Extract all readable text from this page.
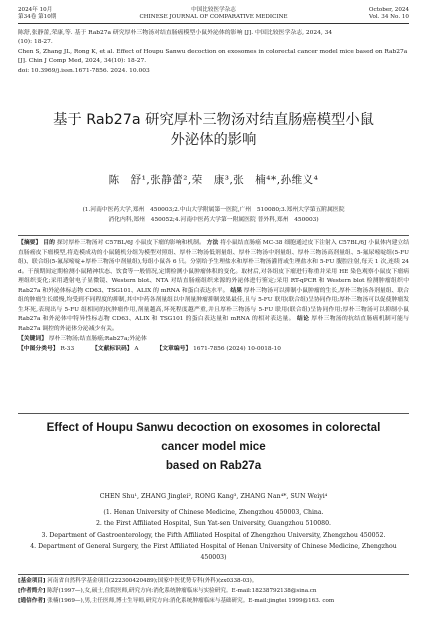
2024年 10月
第34卷 第10期
中国比较医学杂志
CHINESE JOURNAL OF COMPARATIVE MEDICINE
October, 2024
Vol. 34 No. 10
陈舒,张静蕾,荣康,等. 基于 Rab27a 研究厚朴三物汤对结直肠癌模型小鼠外泌体的影响 [J]. 中国比较医学杂志, 2024, 34
(10): 18-27.
Chen S, Zhang JL, Rong K, et al. Effect of Houpu Sanwu decoction on exosomes in colorectal cancer model mice based on Rab27a
[J]. Chin J Comp Med, 2024, 34(10): 18-27.
doi: 10.3969/j.issn.1671-7856. 2024. 10.003
基于 Rab27a 研究厚朴三物汤对结直肠癌模型小鼠
外泌体的影响
陈　舒¹,张静蕾²,荣　康³,张　楠⁴*,孙维义⁴
(1.河南中医药大学,郑州　450003;2.中山大学附属第一医院,广州　510080;3.郑州大学第五附属医院
消化内科,郑州　450052;4.河南中医药大学第一附属医院 普外科,郑州　450003)

【摘要】 目的 探讨厚朴三物汤对 C57BL/6J 小鼠皮下瘤的影响和机制。 方法 将小鼠结直肠癌 MC-38 细胞通过皮下注射入 C57BL/6J 小鼠体内建立结直肠癌皮下瘤模型,将造模成功的小鼠随机分组为模型对照组、厚朴三物汤低剂量组、厚朴三物汤中剂量组、厚朴三物汤高剂量组、5-氟尿嘧啶组(5-FU 组)、联合组(5-氟尿嘧啶+厚朴三物汤中剂量组),每组小鼠各 6 只。分别给予生理盐水和厚朴三物汤灌胃或生理盐水和 5-FU 腹腔注射,每天 1 次,连续 24 d。干预期间定期检测小鼠精神状态、饮食等一般情况,定期检测小鼠肿瘤体积的变化。取材后,对各组皮下瘤进行称重并采用 HE 染色观察小鼠皮下瘤病理组织变化;采用透射电子显微镜、Western blot、NTA 对结直肠癌组织来源的外泌体进行鉴定;采用 RT-qPCR 和 Western blot 检测肿瘤组织中 Rab27a 和外泌体标志物 CD63、TSG101、ALIX 的 mRNA 和蛋白表达水平。 结果 厚朴三物汤可以抑制小鼠肿瘤的生长,厚朴三物汤各剂量组、联合组的肿瘤生长缓慢,均受到不同程度的抑制,其中中药各剂量组以中剂量肿瘤抑制效果最佳,且与 5-FU 联用(联合组)呈协同作用;厚朴三物汤可以促使肿瘤发生坏死,表现出与 5-FU 组相同的抗肿瘤作用,剂量越高,坏死程度越严重,并且厚朴三物汤与 5-FU 联用(联合组)呈协同作用;厚朴三物汤可以抑制小鼠 Rab27a 和外泌体中特异性标志物 CD63、ALIX 和 TSG101 的蛋白表达量和 mRNA 的相对表达量。 结论 厚朴三物汤的抗结直肠癌机制可能与 Rab27a 调控的外泌体分泌减少有关。

【关键词】 厚朴三物汤;结直肠癌;Rab27a;外泌体
【中图分类号】 R-33	【文献标识码】 A	【文章编号】 1671-7856 (2024) 10-0018-10
Effect of Houpu Sanwu decoction on exosomes in colorectal cancer model mice
based on Rab27a
CHEN Shu¹, ZHANG Jinglei², RONG Kang³, ZHANG Nan⁴*, SUN Weiyi⁴
(1. Henan University of Chinese Medicine, Zhengzhou 450003, China.
2. the First Affiliated Hospital, Sun Yat-sen University, Guangzhou 510080.
3. Department of Gastroenterology, the Fifth Affiliated Hospital of Zhengzhou University, Zhengzhou 450052.
4. Department of General Surgery, the First Affiliated Hospital of Henan University of Chinese Medicine, Zhengzhou 450003)
[基金项目] 河南省自然科学基金项目(222300420489);国家中医优势专科(外科)(zx0338-03)。
[作者简介] 陈舒(1997—),女,硕士,住院医师,研究方向:消化系统肿瘤临床与实验研究。E-mail:18238792138@sina.cn
[通信作者] 张楠(1969—),男,主任医师,博士生导师,研究方向:消化系统肿瘤临床与基础研究。E-mail:jingtei 1999@163. com
